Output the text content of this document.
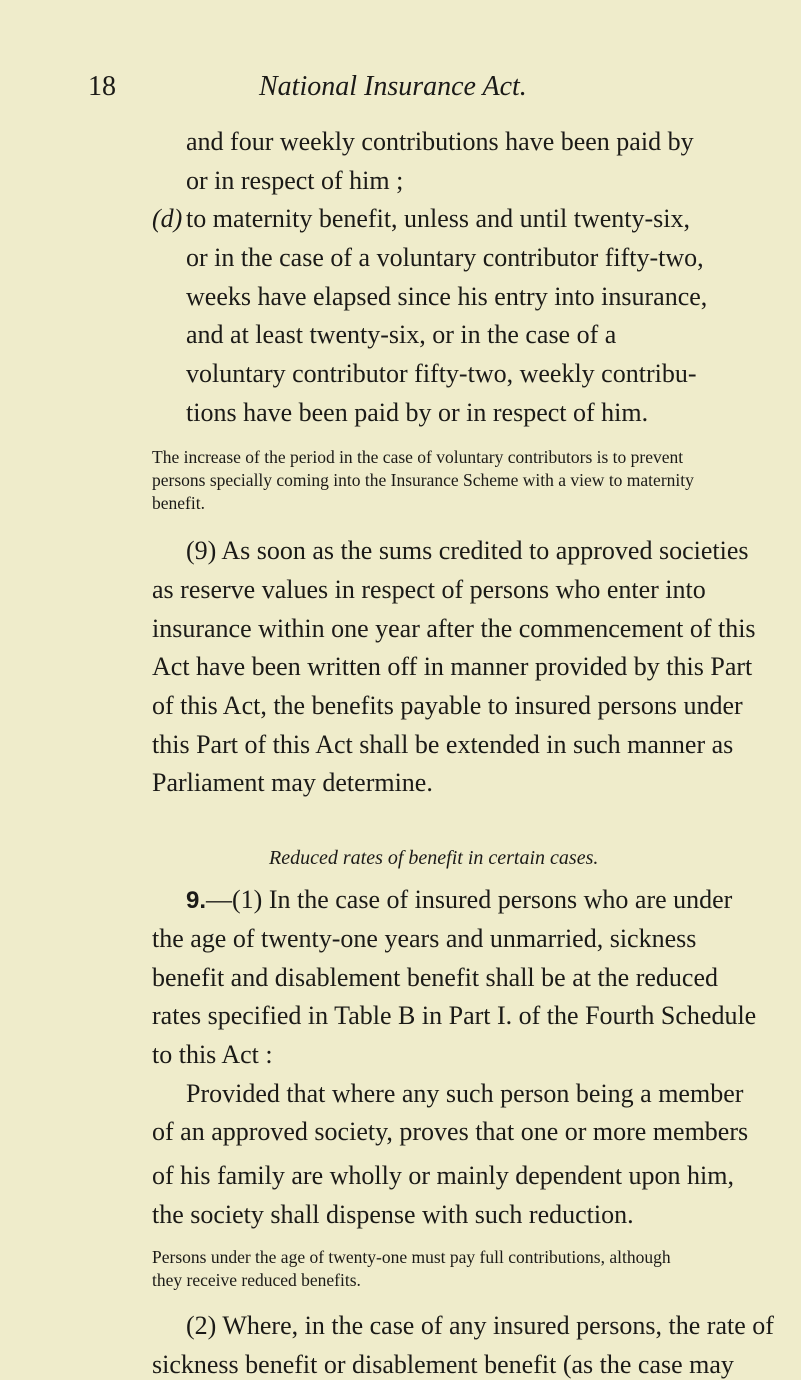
18	National Insurance Act.
and four weekly contributions have been paid by
or in respect of him ;
(d) to maternity benefit, unless and until twenty-six,
or in the case of a voluntary contributor fifty-two,
weeks have elapsed since his entry into insurance,
and at least twenty-six, or in the case of a
voluntary contributor fifty-two, weekly contribu-
tions have been paid by or in respect of him.
The increase of the period in the case of voluntary contributors is to prevent
persons specially coming into the Insurance Scheme with a view to maternity
benefit.
(9) As soon as the sums credited to approved societies
as reserve values in respect of persons who enter into
insurance within one year after the commencement of this
Act have been written off in manner provided by this Part
of this Act, the benefits payable to insured persons under
this Part of this Act shall be extended in such manner as
Parliament may determine.
Reduced rates of benefit in certain cases.
9.—(1) In the case of insured persons who are under
the age of twenty-one years and unmarried, sickness
benefit and disablement benefit shall be at the reduced
rates specified in Table B in Part I. of the Fourth Schedule
to this Act :
Provided that where any such person being a member
of an approved society, proves that one or more members
of his family are wholly or mainly dependent upon him,
the society shall dispense with such reduction.
Persons under the age of twenty-one must pay full contributions, although
they receive reduced benefits.
(2) Where, in the case of any insured persons, the rate of
sickness benefit or disablement benefit (as the case may
